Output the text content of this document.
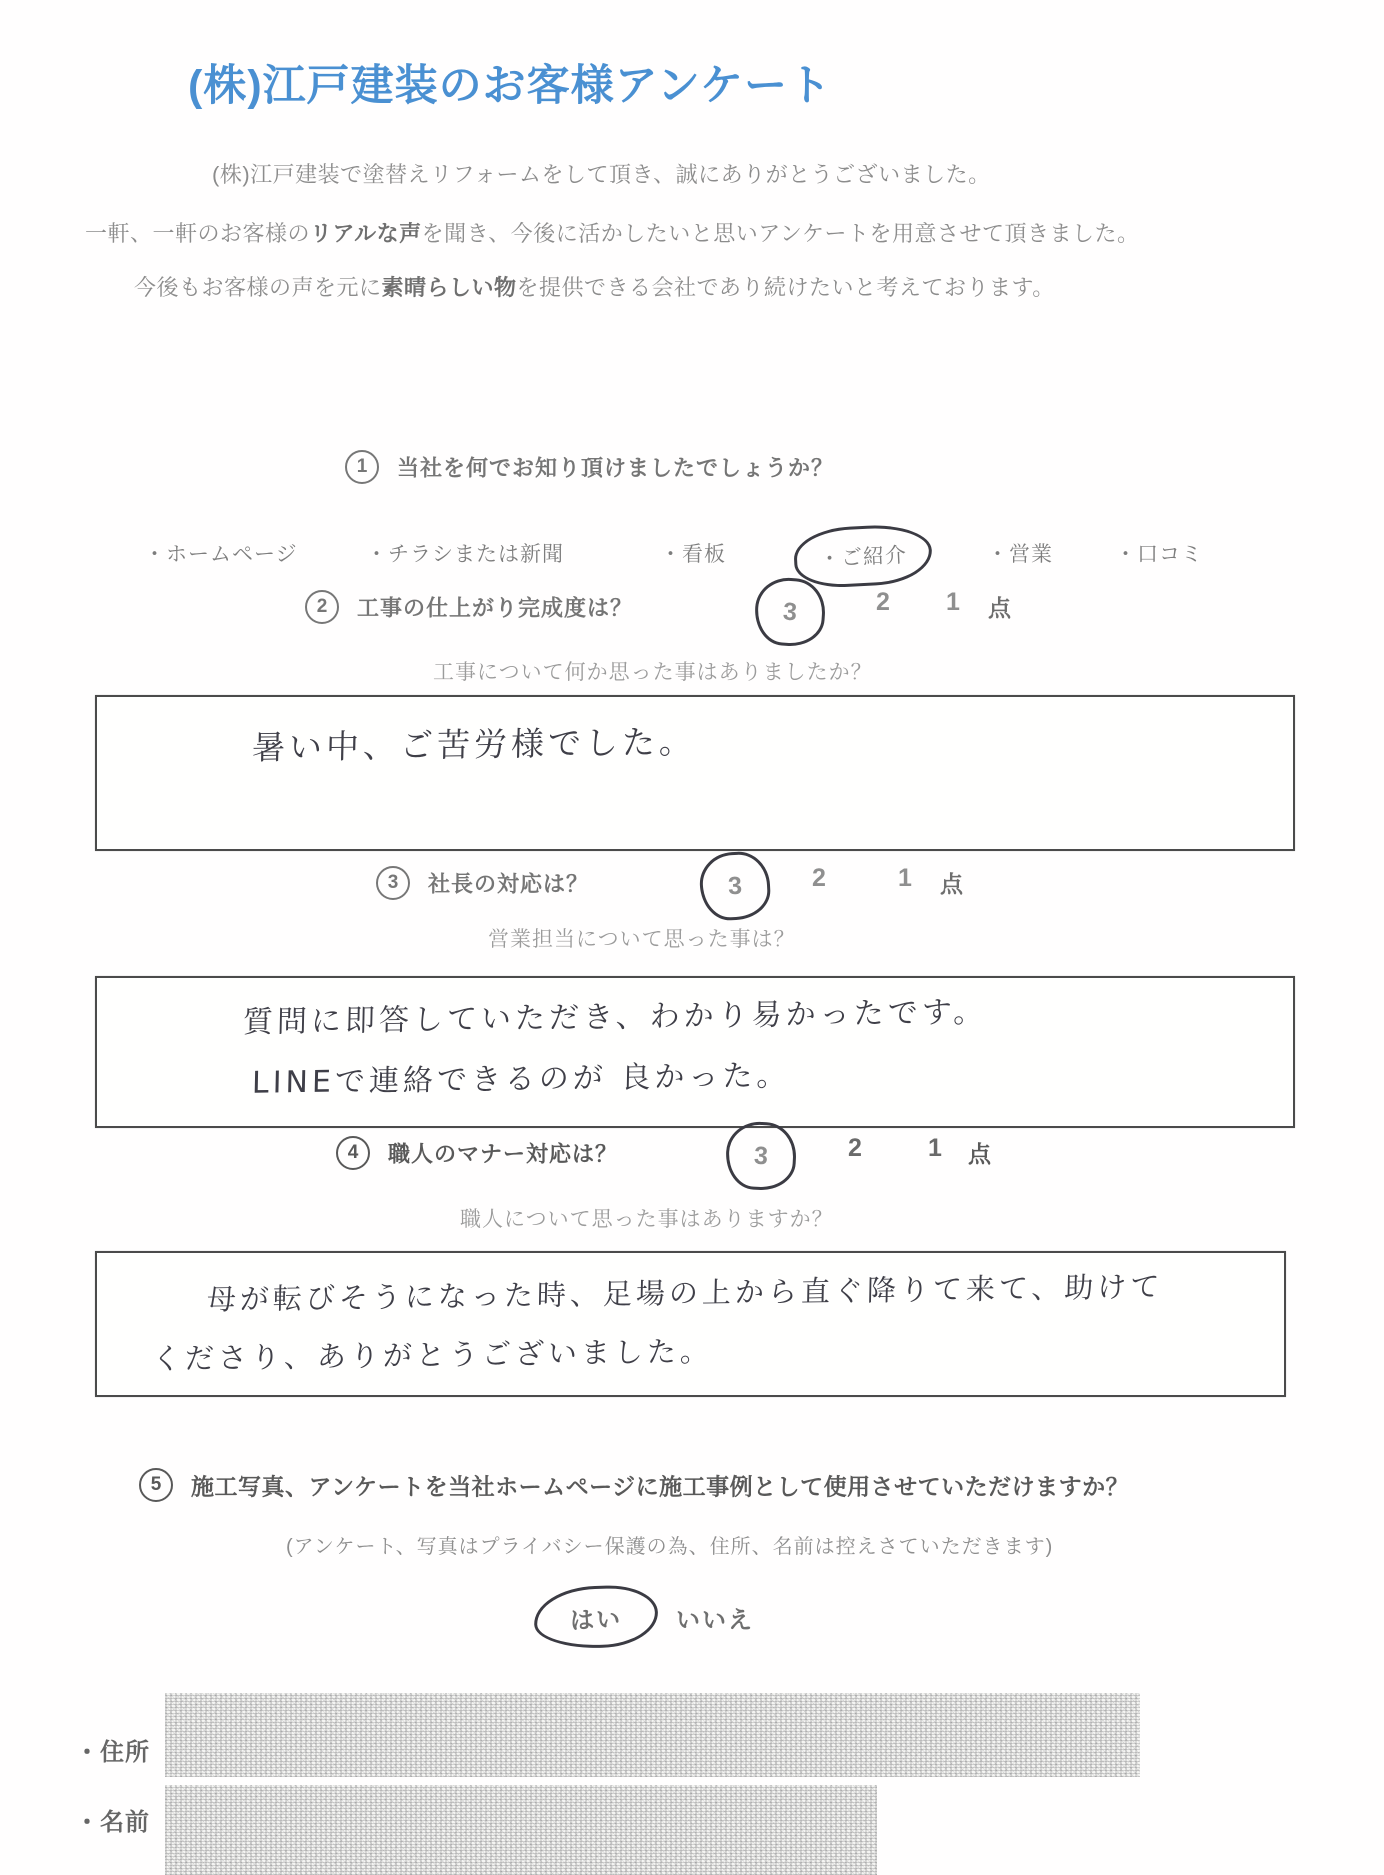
(株)江戸建装のお客様アンケート
(株)江戸建装で塗替えリフォームをして頂き、誠にありがとうございました。
一軒、一軒のお客様のリアルな声を聞き、今後に活かしたいと思いアンケートを用意させて頂きました。
今後もお客様の声を元に素晴らしい物を提供できる会社であり続けたいと考えております。
1 当社を何でお知り頂けましたでしょうか？
・ホームページ	・チラシまたは新聞	・看板	・ご紹介	・営業	・口コミ
2 工事の仕上がり完成度は？	3	2 1 点
工事について何か思った事はありましたか？
暑い中、ご苦労様でした。
3 社長の対応は？	3	2	1 点
営業担当について思った事は？
質問に即答していただき、わかり易かったです。
LINEで連絡できるのが 良かった。
4 職人のマナー対応は？	3	2	1 点
職人について思った事はありますか？
母が転びそうになった時、足場の上から直ぐ降りて来て、助けて
くださり、ありがとうございました。
5 施工写真、アンケートを当社ホームページに施工事例として使用させていただけますか？
(アンケート、写真はプライバシー保護の為、住所、名前は控えさていただきます)
はい いいえ
・住所
・名前
